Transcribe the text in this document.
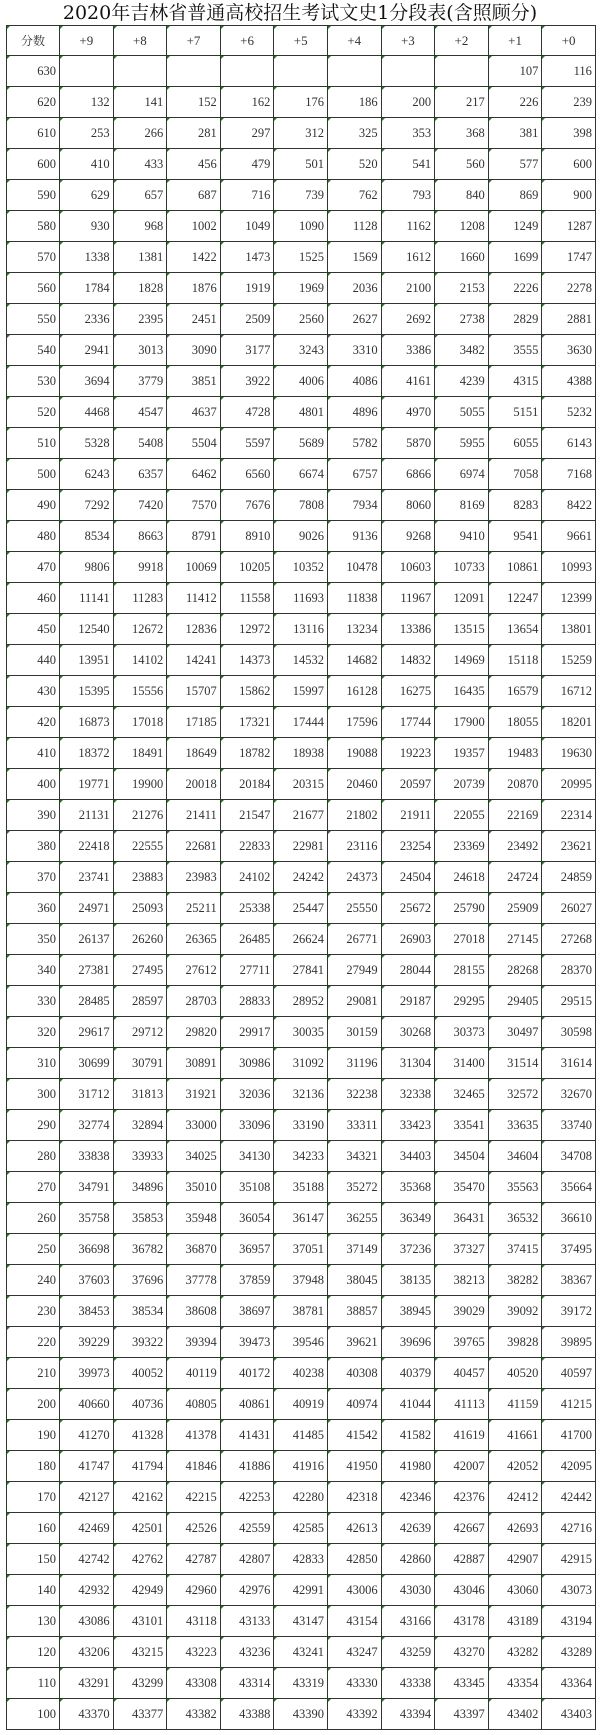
2020年吉林省普通高校招生考试文史1分段表(含照顾分)
分数	+9	+8	+7	+6	+5	+4	+3	+2	+1	+0
630									107	116
620	132	141	152	162	176	186	200	217	226	239
610	253	266	281	297	312	325	353	368	381	398
600	410	433	456	479	501	520	541	560	577	600
590	629	657	687	716	739	762	793	840	869	900
580	930	968	1002	1049	1090	1128	1162	1208	1249	1287
570	1338	1381	1422	1473	1525	1569	1612	1660	1699	1747
560	1784	1828	1876	1919	1969	2036	2100	2153	2226	2278
550	2336	2395	2451	2509	2560	2627	2692	2738	2829	2881
540	2941	3013	3090	3177	3243	3310	3386	3482	3555	3630
530	3694	3779	3851	3922	4006	4086	4161	4239	4315	4388
520	4468	4547	4637	4728	4801	4896	4970	5055	5151	5232
510	5328	5408	5504	5597	5689	5782	5870	5955	6055	6143
500	6243	6357	6462	6560	6674	6757	6866	6974	7058	7168
490	7292	7420	7570	7676	7808	7934	8060	8169	8283	8422
480	8534	8663	8791	8910	9026	9136	9268	9410	9541	9661
470	9806	9918	10069	10205	10352	10478	10603	10733	10861	10993
460	11141	11283	11412	11558	11693	11838	11967	12091	12247	12399
450	12540	12672	12836	12972	13116	13234	13386	13515	13654	13801
440	13951	14102	14241	14373	14532	14682	14832	14969	15118	15259
430	15395	15556	15707	15862	15997	16128	16275	16435	16579	16712
420	16873	17018	17185	17321	17444	17596	17744	17900	18055	18201
410	18372	18491	18649	18782	18938	19088	19223	19357	19483	19630
400	19771	19900	20018	20184	20315	20460	20597	20739	20870	20995
390	21131	21276	21411	21547	21677	21802	21911	22055	22169	22314
380	22418	22555	22681	22833	22981	23116	23254	23369	23492	23621
370	23741	23883	23983	24102	24242	24373	24504	24618	24724	24859
360	24971	25093	25211	25338	25447	25550	25672	25790	25909	26027
350	26137	26260	26365	26485	26624	26771	26903	27018	27145	27268
340	27381	27495	27612	27711	27841	27949	28044	28155	28268	28370
330	28485	28597	28703	28833	28952	29081	29187	29295	29405	29515
320	29617	29712	29820	29917	30035	30159	30268	30373	30497	30598
310	30699	30791	30891	30986	31092	31196	31304	31400	31514	31614
300	31712	31813	31921	32036	32136	32238	32338	32465	32572	32670
290	32774	32894	33000	33096	33190	33311	33423	33541	33635	33740
280	33838	33933	34025	34130	34233	34321	34403	34504	34604	34708
270	34791	34896	35010	35108	35188	35272	35368	35470	35563	35664
260	35758	35853	35948	36054	36147	36255	36349	36431	36532	36610
250	36698	36782	36870	36957	37051	37149	37236	37327	37415	37495
240	37603	37696	37778	37859	37948	38045	38135	38213	38282	38367
230	38453	38534	38608	38697	38781	38857	38945	39029	39092	39172
220	39229	39322	39394	39473	39546	39621	39696	39765	39828	39895
210	39973	40052	40119	40172	40238	40308	40379	40457	40520	40597
200	40660	40736	40805	40861	40919	40974	41044	41113	41159	41215
190	41270	41328	41378	41431	41485	41542	41582	41619	41661	41700
180	41747	41794	41846	41886	41916	41950	41980	42007	42052	42095
170	42127	42162	42215	42253	42280	42318	42346	42376	42412	42442
160	42469	42501	42526	42559	42585	42613	42639	42667	42693	42716
150	42742	42762	42787	42807	42833	42850	42860	42887	42907	42915
140	42932	42949	42960	42976	42991	43006	43030	43046	43060	43073
130	43086	43101	43118	43133	43147	43154	43166	43178	43189	43194
120	43206	43215	43223	43236	43241	43247	43259	43270	43282	43289
110	43291	43299	43308	43314	43319	43330	43338	43345	43354	43364
100	43370	43377	43382	43388	43390	43392	43394	43397	43402	43403
